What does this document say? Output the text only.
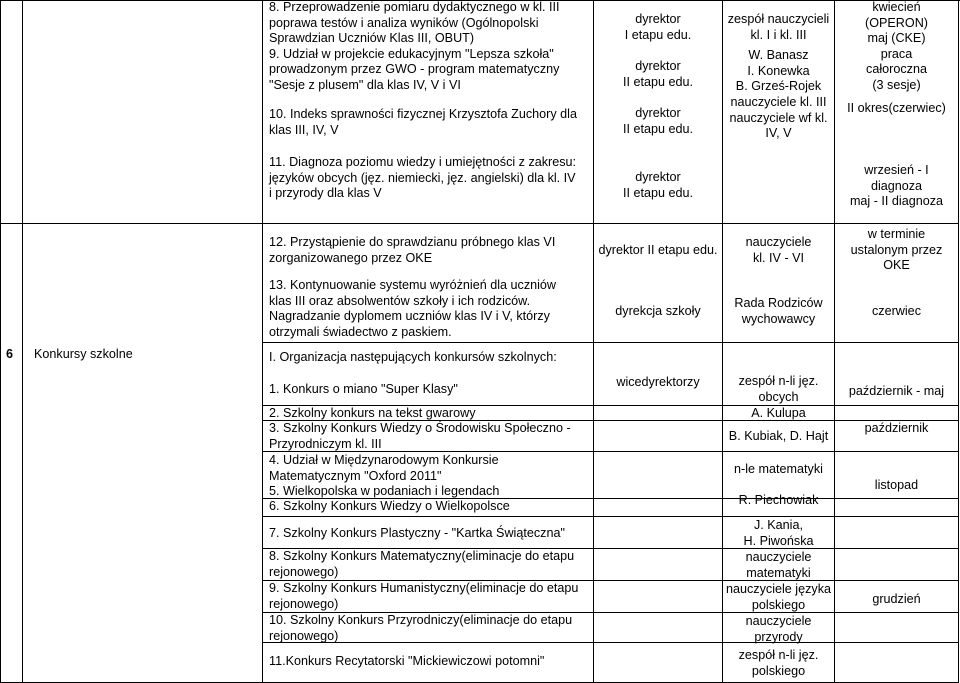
6 Konkursy szkolne
8. Przeprowadzenie pomiaru dydaktycznego w kl. III
poprawa testów i analiza wyników (Ogólnopolski
Sprawdzian Uczniów Klas III, OBUT)
9. Udział w projekcie edukacyjnym "Lepsza szkoła"
prowadzonym przez GWO - program matematyczny
"Sesje z plusem" dla klas IV, V i VI
10. Indeks sprawności fizycznej Krzysztofa Zuchory dla
klas III, IV, V
dyrektor
I etapu edu.
dyrektor
II etapu edu.
dyrektor
II etapu edu.
zespół nauczycieli
kl. I i kl. III
W. Banasz
I. Konewka
B. Grześ-Rojek
nauczyciele kl. III
nauczyciele wf kl.
IV, V
kwiecień
(OPERON)
maj (CKE)
praca
całoroczna
(3 sesje)
II okres(czerwiec)
11. Diagnoza poziomu wiedzy i umiejętności z zakresu:
języków obcych (jęz. niemiecki, jęz. angielski) dla kl. IV
i przyrody dla klas V
dyrektor
II etapu edu.
wrzesień - I
diagnoza
maj - II diagnoza
12. Przystąpienie do sprawdzianu próbnego klas VI
zorganizowanego przez OKE
dyrektor II etapu edu.
nauczyciele
kl. IV - VI
w terminie
ustalonym przez
OKE
13. Kontynuowanie systemu wyróżnień dla uczniów
klas III oraz absolwentów szkoły i ich rodziców.
Nagradzanie dyplomem uczniów klas IV i V, którzy
otrzymali świadectwo z paskiem.
dyrekcja szkoły
Rada Rodziców
wychowawcy
czerwiec
I. Organizacja następujących konkursów szkolnych:
1. Konkurs o miano "Super Klasy"
2. Szkolny konkurs na tekst gwarowy
3. Szkolny Konkurs Wiedzy o Środowisku Społeczno -
Przyrodniczym kl. III
4. Udział w Międzynarodowym Konkursie
Matematycznym "Oxford 2011"
5. Wielkopolska w podaniach i legendach
6. Szkolny Konkurs Wiedzy o Wielkopolsce
7. Szkolny Konkurs Plastyczny - "Kartka Świąteczna"
8. Szkolny Konkurs Matematyczny(eliminacje do etapu
rejonowego)
9. Szkolny Konkurs Humanistyczny(eliminacje do etapu
rejonowego)
10. Szkolny Konkurs Przyrodniczy(eliminacje do etapu
rejonowego)
11.Konkurs Recytatorski "Mickiewiczowi potomni"
wicedyrektorzy	zespół n-li jęz.
obcych
A. Kulupa
B. Kubiak, D. Hajt
n-le matematyki
R. Piechowiak
J. Kania,
H. Piwońska
nauczyciele
matematyki
nauczyciele języka
polskiego
nauczyciele
przyrody
zespół n-li jęz.
polskiego
październik - maj
październik
listopad
grudzień
